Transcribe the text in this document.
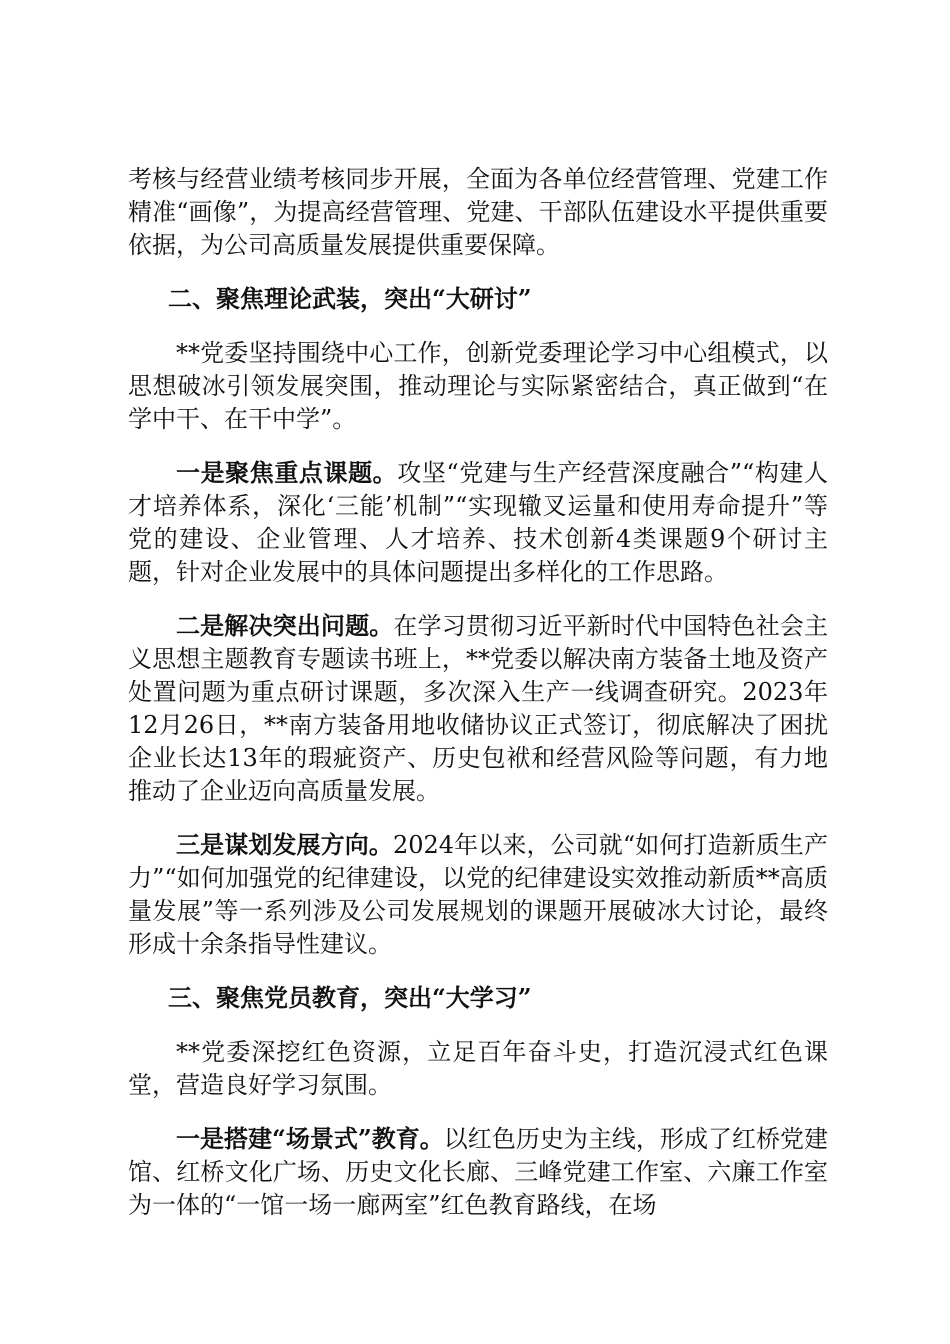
考核与经营业绩考核同步开展，全面为各单位经营管理、党建工作精准“画像”，为提高经营管理、党建、干部队伍建设水平提供重要依据，为公司高质量发展提供重要保障。

二、聚焦理论武装，突出“大研讨”

**党委坚持围绕中心工作，创新党委理论学习中心组模式，以思想破冰引领发展突围，推动理论与实际紧密结合，真正做到“在学中干、在干中学”。

一是聚焦重点课题。攻坚“党建与生产经营深度融合”“构建人才培养体系，深化‘三能’机制”“实现辙叉运量和使用寿命提升”等党的建设、企业管理、人才培养、技术创新4类课题9个研讨主题，针对企业发展中的具体问题提出多样化的工作思路。

二是解决突出问题。在学习贯彻习近平新时代中国特色社会主义思想主题教育专题读书班上，**党委以解决南方装备土地及资产处置问题为重点研讨课题，多次深入生产一线调查研究。2023年12月26日，**南方装备用地收储协议正式签订，彻底解决了困扰企业长达13年的瑕疵资产、历史包袱和经营风险等问题，有力地推动了企业迈向高质量发展。

三是谋划发展方向。2024年以来，公司就“如何打造新质生产力”“如何加强党的纪律建设，以党的纪律建设实效推动新质**高质量发展”等一系列涉及公司发展规划的课题开展破冰大讨论，最终形成十余条指导性建议。

三、聚焦党员教育，突出“大学习”

**党委深挖红色资源，立足百年奋斗史，打造沉浸式红色课堂，营造良好学习氛围。

一是搭建“场景式”教育。以红色历史为主线，形成了红桥党建馆、红桥文化广场、历史文化长廊、三峰党建工作室、六廉工作室为一体的“一馆一场一廊两室”红色教育路线，在场
